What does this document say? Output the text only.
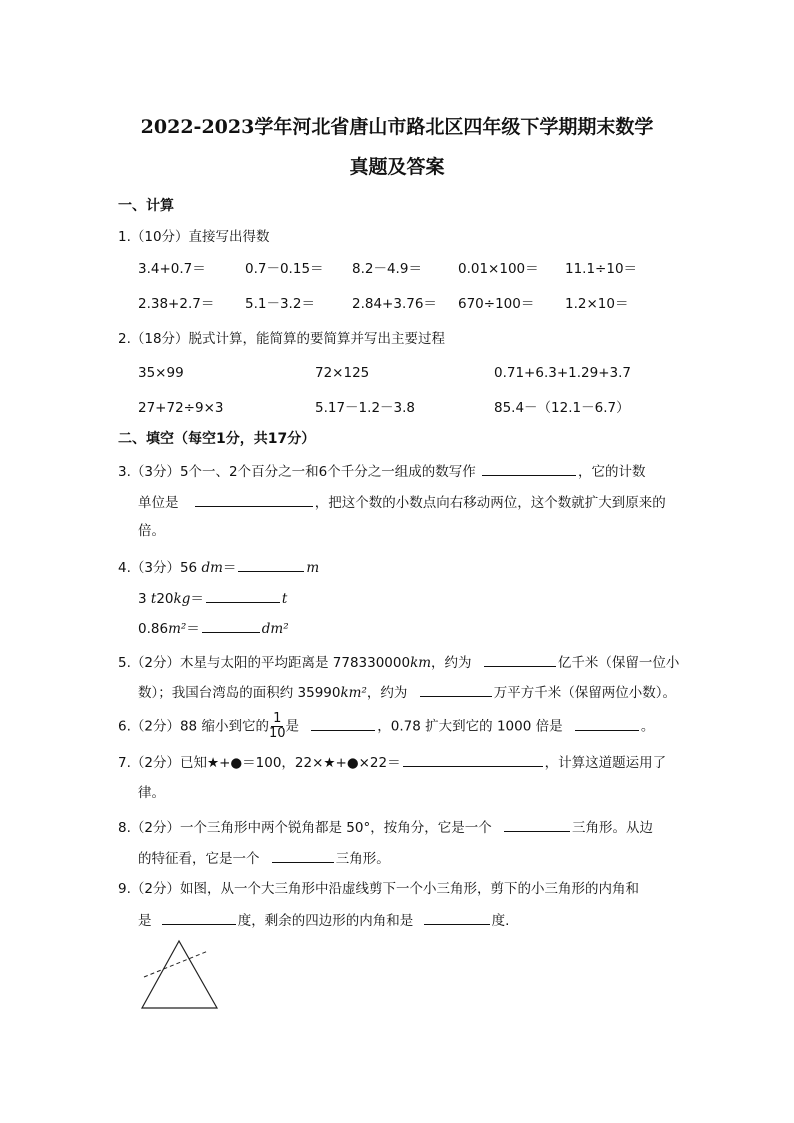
2022-2023学年河北省唐山市路北区四年级下学期期末数学
真题及答案
一、计算
1.（10分）直接写出得数
3.4+0.7＝	0.7－0.15＝ 8.2－4.9＝	0.01×100＝ 11.1÷10＝
2.38+2.7＝ 5.1－3.2＝	2.84+3.76＝ 670÷100＝ 1.2×10＝
2.（18分）脱式计算，能简算的要简算并写出主要过程
35×99	72×125	0.71+6.3+1.29+3.7
27+72÷9×3	5.17－1.2－3.8	85.4－（12.1－6.7）
二、填空（每空1分，共17分）
3.（3分）5个一、2个百分之一和6个千分之一组成的数写作	，它的计数
单位是	，把这个数的小数点向右移动两位，这个数就扩大到原来的
倍。
4.（3分）56 dm＝	m
3 t20kg＝	t
0.86m²＝	dm²
5.（2分）木星与太阳的平均距离是 778330000km，约为	亿千米（保留一位小
数）；我国台湾岛的面积约 35990km²，约为	万平方千米（保留两位小数）。
6.（2分）88 缩小到它的 $\frac{1}{10}$ 是	，0.78 扩大到它的 1000 倍是	。
7.（2分）已知★+●＝100，22×★+●×22＝	，计算这道题运用了
律。
8.（2分）一个三角形中两个锐角都是 50°，按角分，它是一个	三角形。从边
的特征看，它是一个	三角形。
9.（2分）如图，从一个大三角形中沿虚线剪下一个小三角形，剪下的小三角形的内角和
是	度，剩余的四边形的内角和是	度.
